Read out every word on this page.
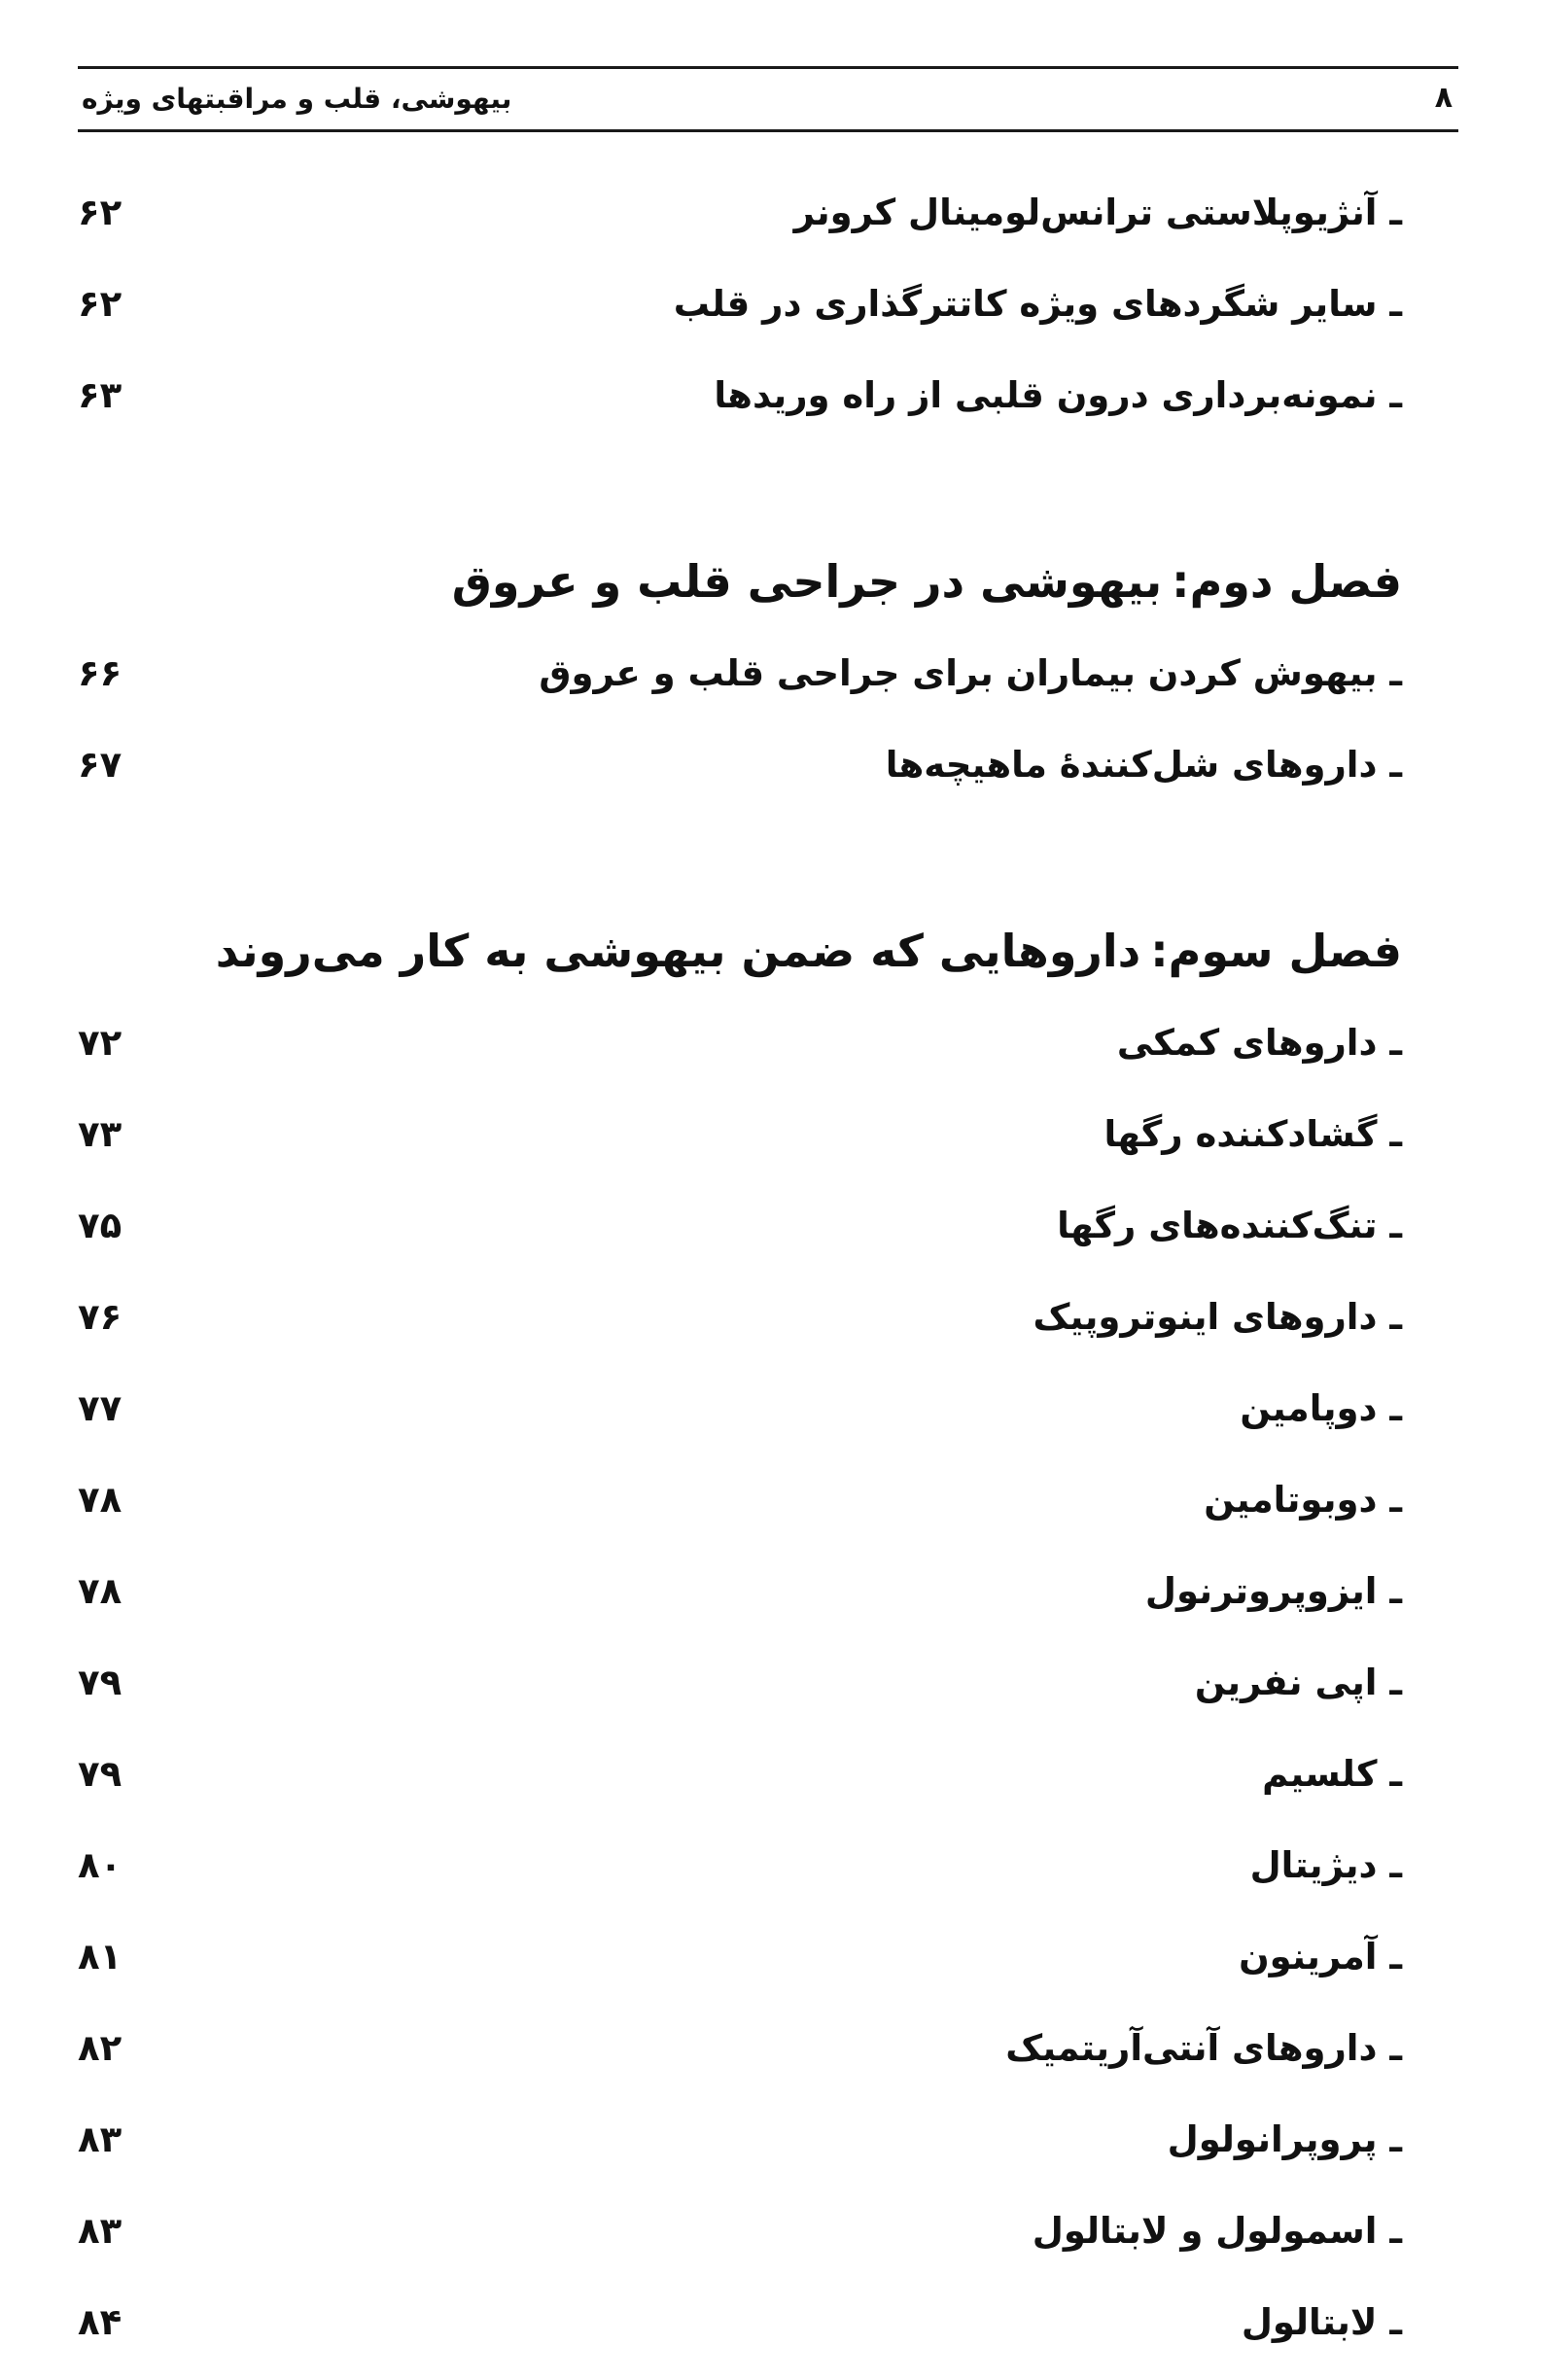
بیهوشی، قلب و مراقبتهای ویژه	۸
ـ آنژیوپلاستی ترانس‌لومینال کرونر
۶۲
ـ سایر شگردهای ویژه کاتترگذاری در قلب
۶۲
ـ نمونه‌برداری درون قلبی از راه وریدها
۶۳
فصل دوم:
بیهوشی در جراحی قلب و عروق
ـ بیهوش کردن بیماران برای جراحی قلب و عروق
۶۶
ـ داروهای شل‌کنندهٔ ماهیچه‌ها
۶۷
فصل سوم:
داروهایی که ضمن بیهوشی به کار می‌روند
ـ داروهای کمکی
۷۲
ـ گشادکننده رگها
۷۳
ـ تنگ‌کننده‌های رگها
۷۵
ـ داروهای اینوتروپیک
۷۶
ـ دوپامین
۷۷
ـ دوبوتامین
۷۸
ـ ایزوپروترنول
۷۸
ـ اپی نفرین
۷۹
ـ کلسیم
۷۹
ـ دیژیتال
۸۰
ـ آمرینون
۸۱
ـ داروهای آنتی‌آریتمیک
۸۲
ـ پروپرانولول
۸۳
ـ اسمولول و لابتالول
۸۳
ـ لابتالول
۸۴
